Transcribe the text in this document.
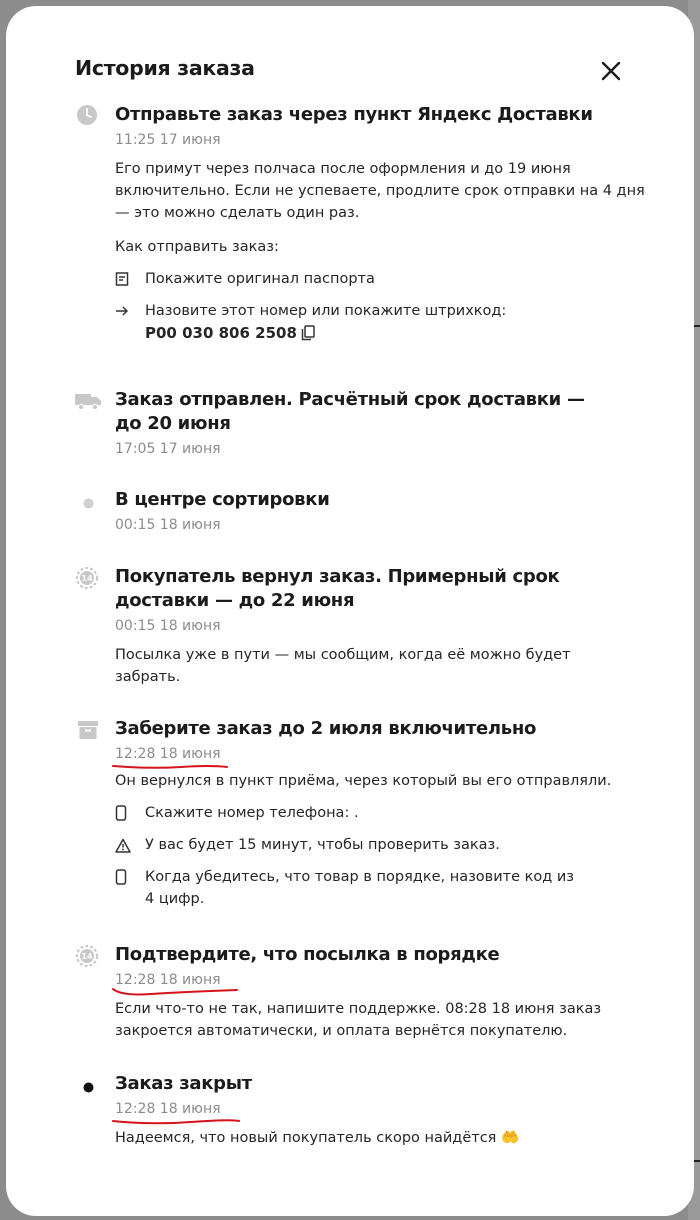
История заказа
Отправьте заказ через пункт Яндекс Доставки
11:25 17 июня
Его примут через полчаса после оформления и до 19 июня включительно. Если не успеваете, продлите срок отправки на 4 дня — это можно сделать один раз.
Как отправить заказ:
Покажите оригинал паспорта
Назовите этот номер или покажите штрихкод:
Р00 030 806 2508
Заказ отправлен. Расчётный срок доставки — до 20 июня
17:05 17 июня
В центре сортировки
00:15 18 июня
14 Покупатель вернул заказ. Примерный срок доставки — до 22 июня
00:15 18 июня
Посылка уже в пути — мы сообщим, когда её можно будет забрать.
Заберите заказ до 2 июля включительно
12:28 18 июня
Он вернулся в пункт приёма, через который вы его отправляли.
Скажите номер телефона: .
У вас будет 15 минут, чтобы проверить заказ.
Когда убедитесь, что товар в порядке, назовите код из 4 цифр.
14 Подтвердите, что посылка в порядке
12:28 18 июня
Если что-то не так, напишите поддержке. 08:28 18 июня заказ закроется автоматически, и оплата вернётся покупателю.
Заказ закрыт
12:28 18 июня
Надеемся, что новый покупатель скоро найдётся 🤲
